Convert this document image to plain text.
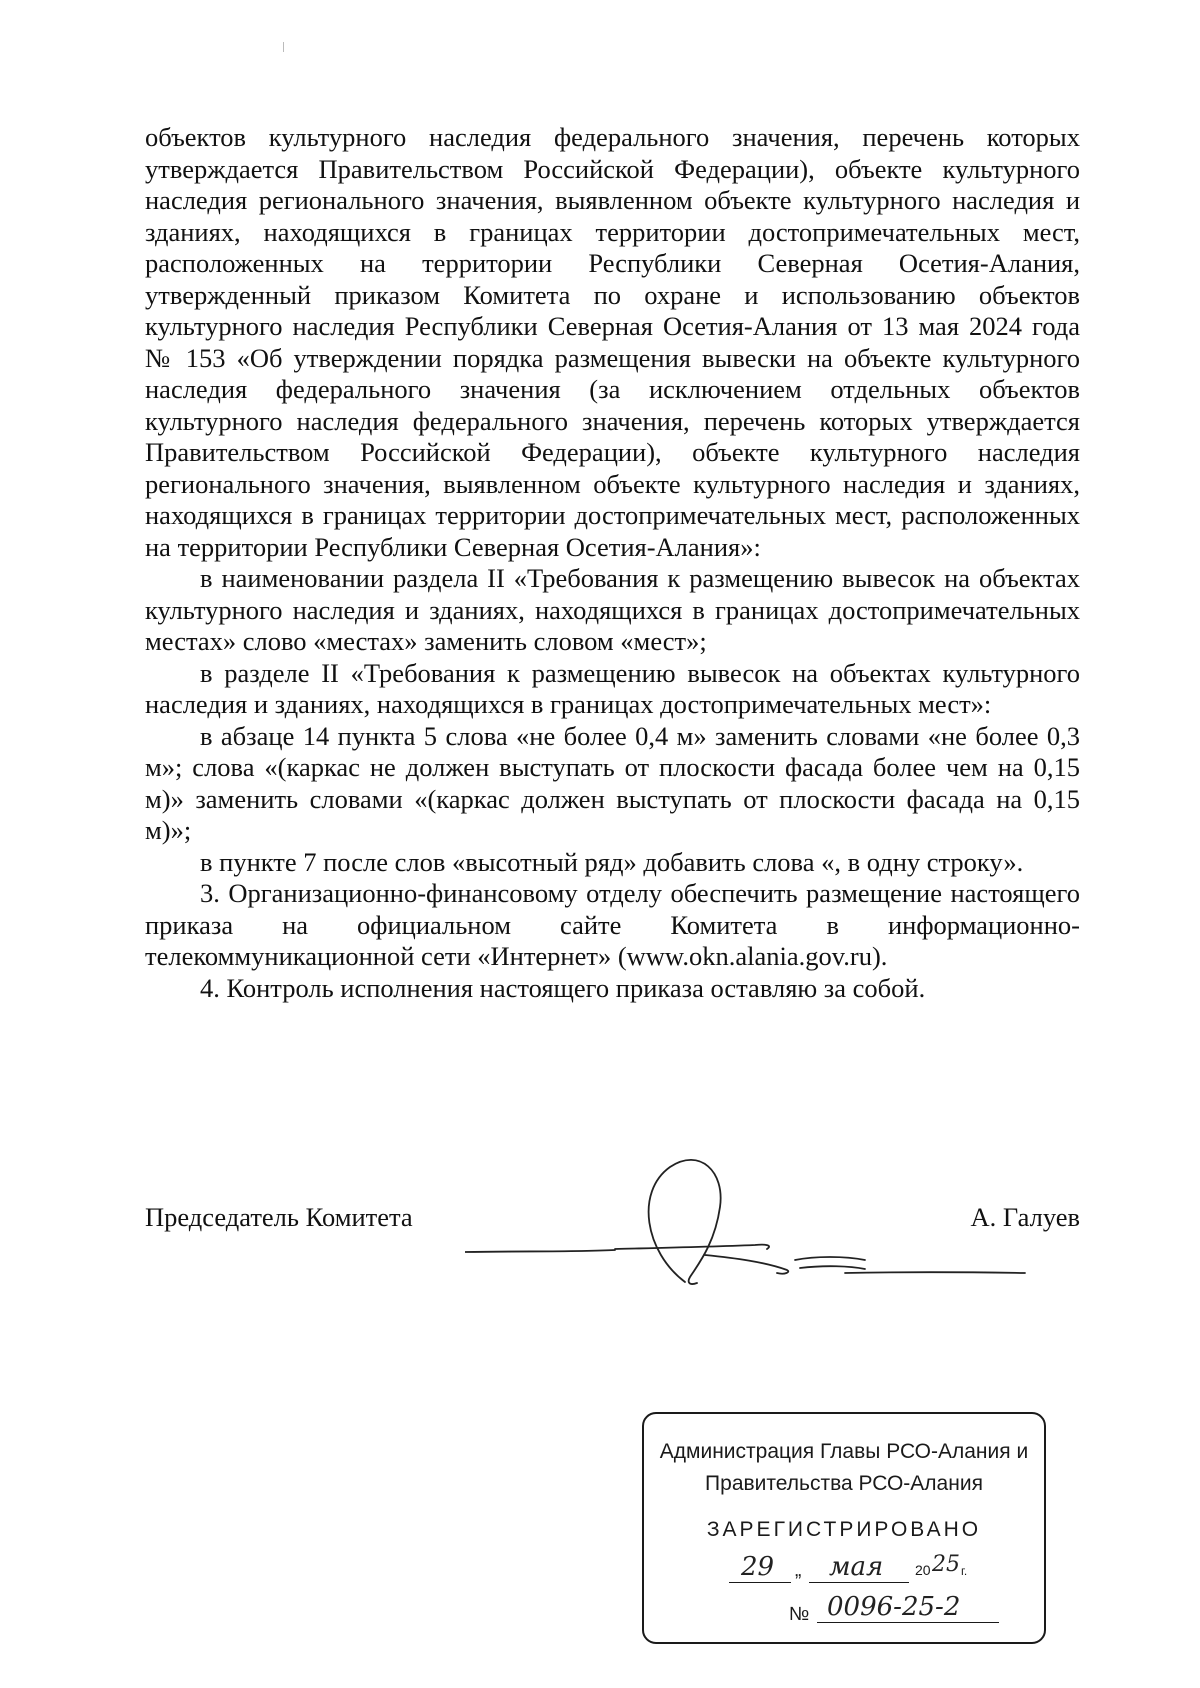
объектов культурного наследия федерального значения, перечень которых утверждается Правительством Российской Федерации), объекте культурного наследия регионального значения, выявленном объекте культурного наследия и зданиях, находящихся в границах территории достопримечательных мест, расположенных на территории Республики Северная Осетия-Алания, утвержденный приказом Комитета по охране и использованию объектов культурного наследия Республики Северная Осетия-Алания от 13 мая 2024 года № 153 «Об утверждении порядка размещения вывески на объекте культурного наследия федерального значения (за исключением отдельных объектов культурного наследия федерального значения, перечень которых утверждается Правительством Российской Федерации), объекте культурного наследия регионального значения, выявленном объекте культурного наследия и зданиях, находящихся в границах территории достопримечательных мест, расположенных на территории Республики Северная Осетия-Алания»:

в наименовании раздела II «Требования к размещению вывесок на объектах культурного наследия и зданиях, находящихся в границах достопримечательных местах» слово «местах» заменить словом «мест»;

в разделе II «Требования к размещению вывесок на объектах культурного наследия и зданиях, находящихся в границах достопримечательных мест»:

в абзаце 14 пункта 5 слова «не более 0,4 м» заменить словами «не более 0,3 м»; слова «(каркас не должен выступать от плоскости фасада более чем на 0,15 м)» заменить словами «(каркас должен выступать от плоскости фасада на 0,15 м)»;

в пункте 7 после слов «высотный ряд» добавить слова «, в одну строку».

3. Организационно-финансовому отделу обеспечить размещение настоящего приказа на официальном сайте Комитета в информационно-телекоммуникационной сети «Интернет» (www.okn.alania.gov.ru).

4. Контроль исполнения настоящего приказа оставляю за собой.

Председатель Комитета	А. Галуев
Администрация Главы РСО-Алания и
Правительства РСО-Алания
ЗАРЕГИСТРИРОВАНО
29 „ мая 20 25 г.
№ 0096-25-2
